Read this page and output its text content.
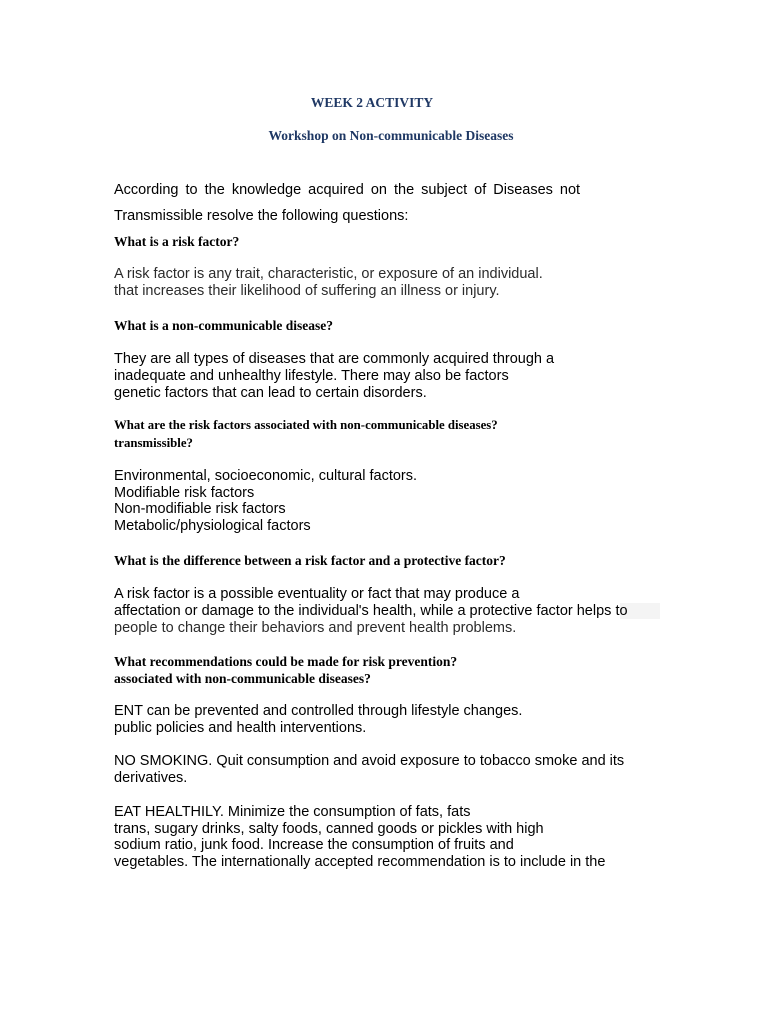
WEEK 2 ACTIVITY
Workshop on Non-communicable Diseases
According to the knowledge acquired on the subject of Diseases not
Transmissible resolve the following questions:
What is a risk factor?
A risk factor is any trait, characteristic, or exposure of an individual.
that increases their likelihood of suffering an illness or injury.
What is a non-communicable disease?
They are all types of diseases that are commonly acquired through a
inadequate and unhealthy lifestyle. There may also be factors
genetic factors that can lead to certain disorders.
What are the risk factors associated with non-communicable diseases?
transmissible?
Environmental, socioeconomic, cultural factors.
Modifiable risk factors
Non-modifiable risk factors
Metabolic/physiological factors
What is the difference between a risk factor and a protective factor?
A risk factor is a possible eventuality or fact that may produce a
affectation or damage to the individual's health, while a protective factor helps to
people to change their behaviors and prevent health problems.
What recommendations could be made for risk prevention?
associated with non-communicable diseases?
ENT can be prevented and controlled through lifestyle changes.
public policies and health interventions.
NO SMOKING. Quit consumption and avoid exposure to tobacco smoke and its
derivatives.
EAT HEALTHILY. Minimize the consumption of fats, fats
trans, sugary drinks, salty foods, canned goods or pickles with high
sodium ratio, junk food. Increase the consumption of fruits and
vegetables. The internationally accepted recommendation is to include in the
